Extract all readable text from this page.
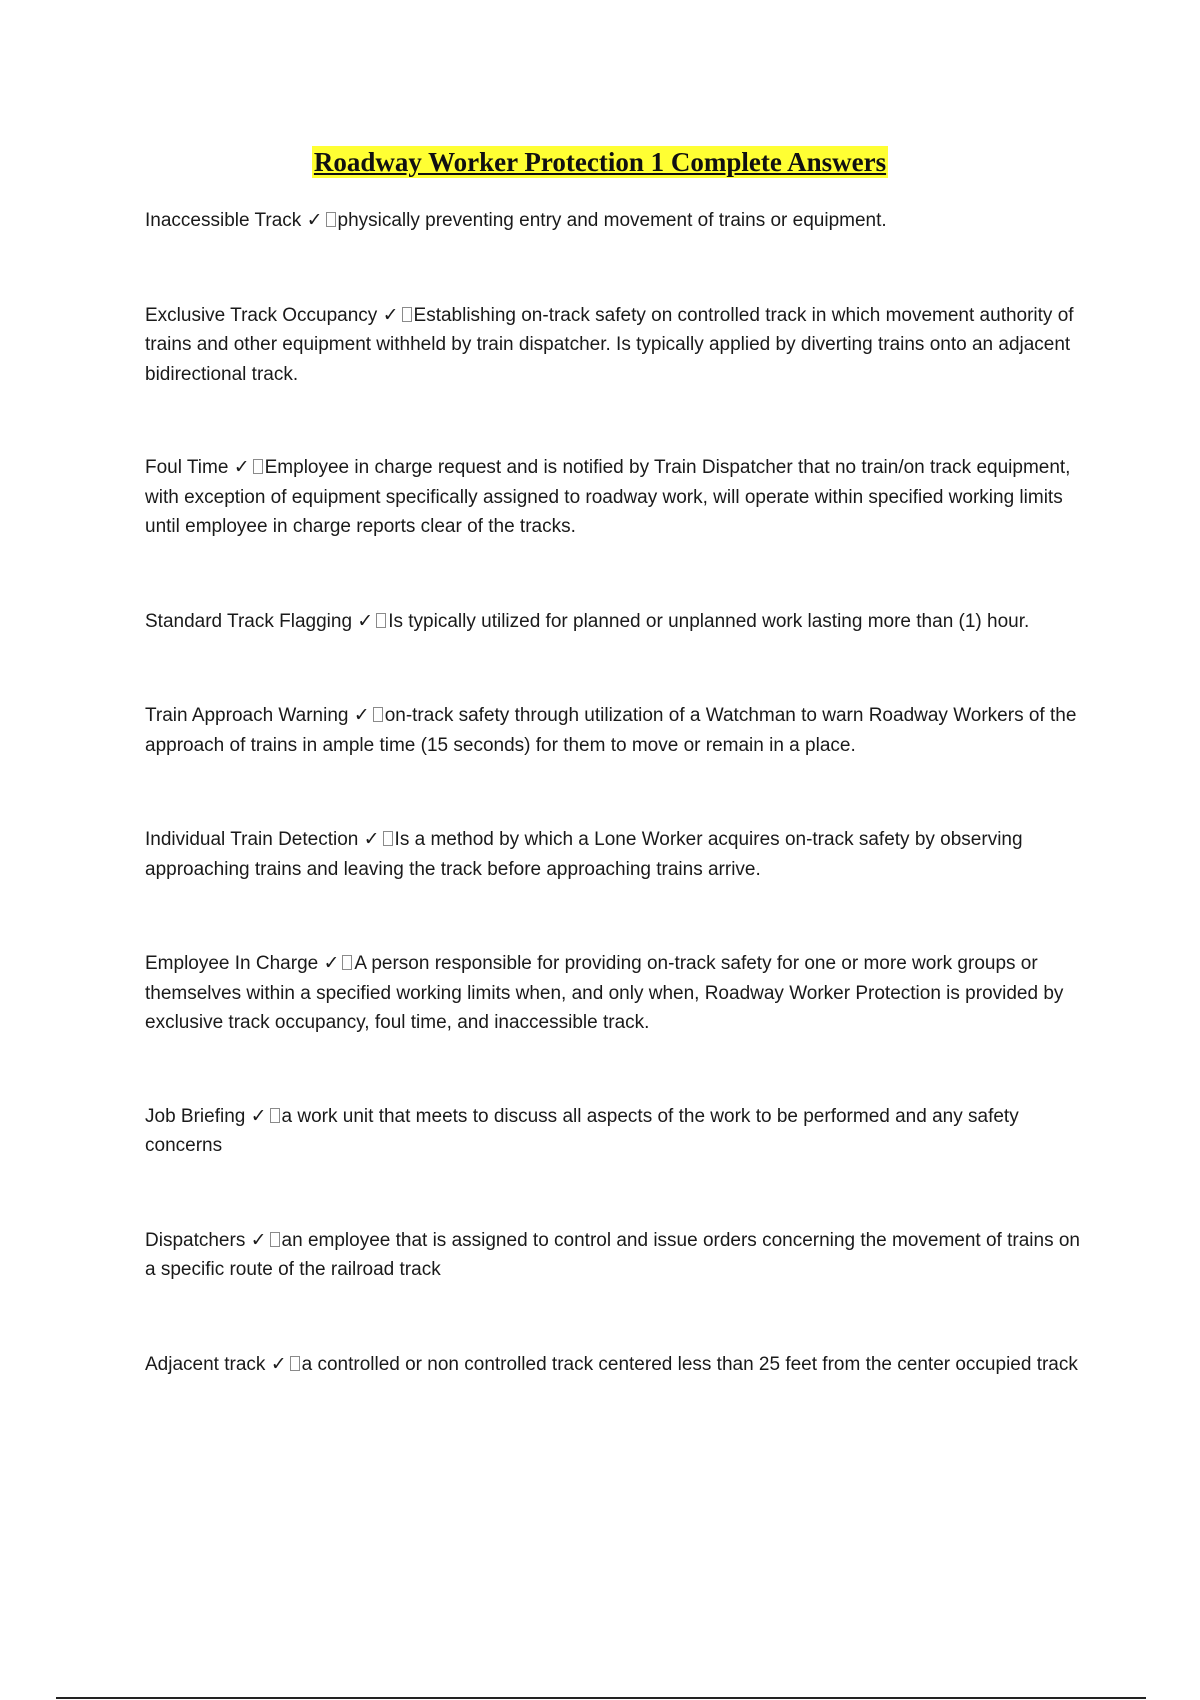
Roadway Worker Protection 1 Complete Answers

Inaccessible Track ✓ physically preventing entry and movement of trains or equipment.

Exclusive Track Occupancy ✓ Establishing on-track safety on controlled track in which movement authority of trains and other equipment withheld by train dispatcher. Is typically applied by diverting trains onto an adjacent bidirectional track.

Foul Time ✓ Employee in charge request and is notified by Train Dispatcher that no train/on track equipment, with exception of equipment specifically assigned to roadway work, will operate within specified working limits until employee in charge reports clear of the tracks.

Standard Track Flagging ✓ Is typically utilized for planned or unplanned work lasting more than (1) hour.

Train Approach Warning ✓ on-track safety through utilization of a Watchman to warn Roadway Workers of the approach of trains in ample time (15 seconds) for them to move or remain in a place.

Individual Train Detection ✓ Is a method by which a Lone Worker acquires on-track safety by observing approaching trains and leaving the track before approaching trains arrive.

Employee In Charge ✓ A person responsible for providing on-track safety for one or more work groups or themselves within a specified working limits when, and only when, Roadway Worker Protection is provided by exclusive track occupancy, foul time, and inaccessible track.

Job Briefing ✓ a work unit that meets to discuss all aspects of the work to be performed and any safety concerns

Dispatchers ✓ an employee that is assigned to control and issue orders concerning the movement of trains on a specific route of the railroad track

Adjacent track ✓ a controlled or non controlled track centered less than 25 feet from the center occupied track
